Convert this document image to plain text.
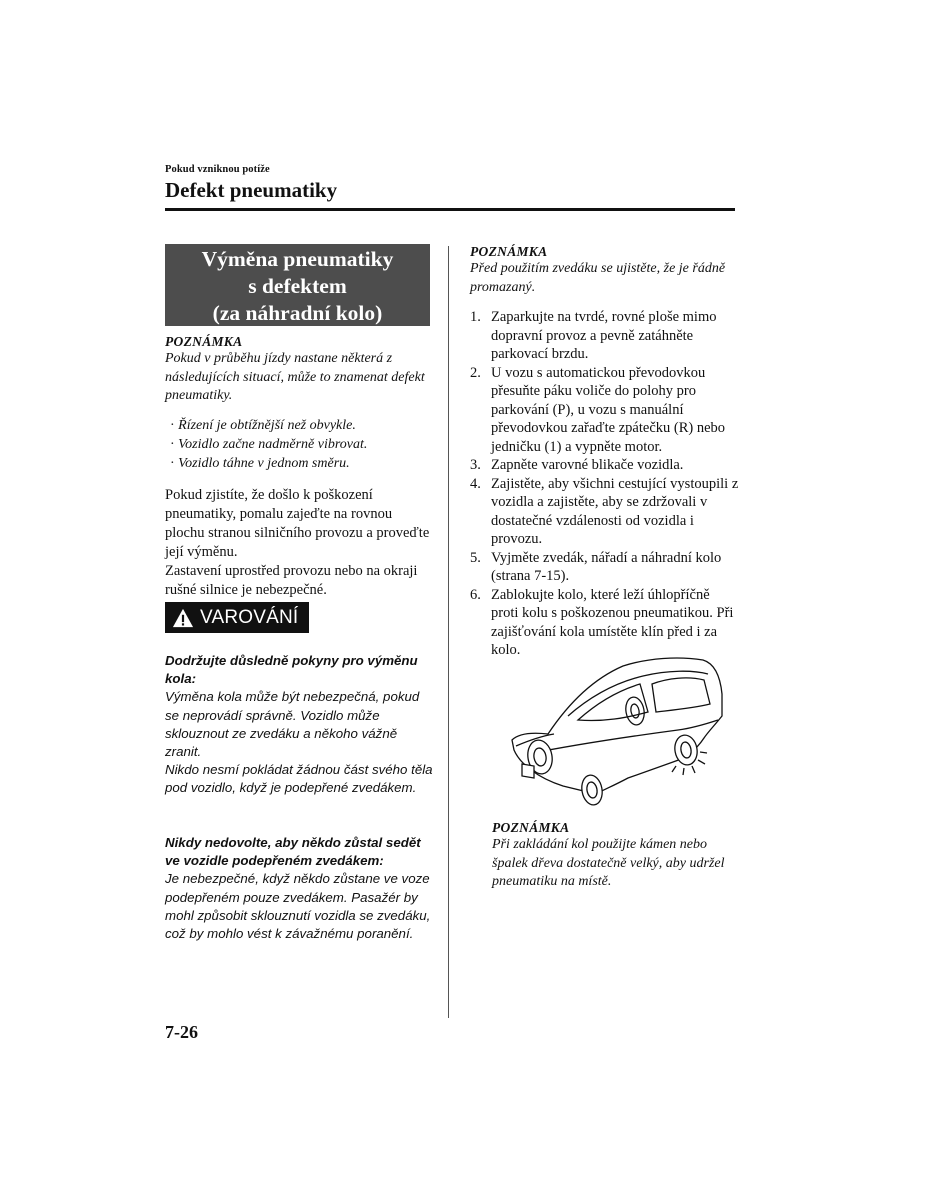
Pokud vzniknou potíže
Defekt pneumatiky
Výměna pneumatiky
s defektem
(za náhradní kolo)
POZNÁMKA
Pokud v průběhu jízdy nastane některá z následujících situací, může to znamenat defekt pneumatiky.
· Řízení je obtížnější než obvykle.
· Vozidlo začne nadměrně vibrovat.
· Vozidlo táhne v jednom směru.
Pokud zjistíte, že došlo k poškození pneumatiky, pomalu zajeďte na rovnou plochu stranou silničního provozu a proveďte její výměnu.
Zastavení uprostřed provozu nebo na okraji rušné silnice je nebezpečné.
VAROVÁNÍ
Dodržujte důsledně pokyny pro výměnu kola:
Výměna kola může být nebezpečná, pokud se neprovádí správně. Vozidlo může sklouznout ze zvedáku a někoho vážně zranit.
Nikdo nesmí pokládat žádnou část svého těla pod vozidlo, když je podepřené zvedákem.
Nikdy nedovolte, aby někdo zůstal sedět ve vozidle podepřeném zvedákem:
Je nebezpečné, když někdo zůstane ve voze podepřeném pouze zvedákem. Pasažér by mohl způsobit sklouznutí vozidla se zvedáku, což by mohlo vést k závažnému poranění.
POZNÁMKA
Před použitím zvedáku se ujistěte, že je řádně promazaný.
1. Zaparkujte na tvrdé, rovné ploše mimo dopravní provoz a pevně zatáhněte parkovací brzdu.
2. U vozu s automatickou převodovkou přesuňte páku voliče do polohy pro parkování (P), u vozu s manuální převodovkou zařaďte zpátečku (R) nebo jedničku (1) a vypněte motor.
3. Zapněte varovné blikače vozidla.
4. Zajistěte, aby všichni cestující vystoupili z vozidla a zajistěte, aby se zdržovali v dostatečné vzdálenosti od vozidla i provozu.
5. Vyjměte zvedák, nářadí a náhradní kolo (strana 7-15).
6. Zablokujte kolo, které leží úhlopříčně proti kolu s poškozenou pneumatikou. Při zajišťování kola umístěte klín před i za kolo.
POZNÁMKA
Při zakládání kol použijte kámen nebo špalek dřeva dostatečně velký, aby udržel pneumatiku na místě.
7-26
